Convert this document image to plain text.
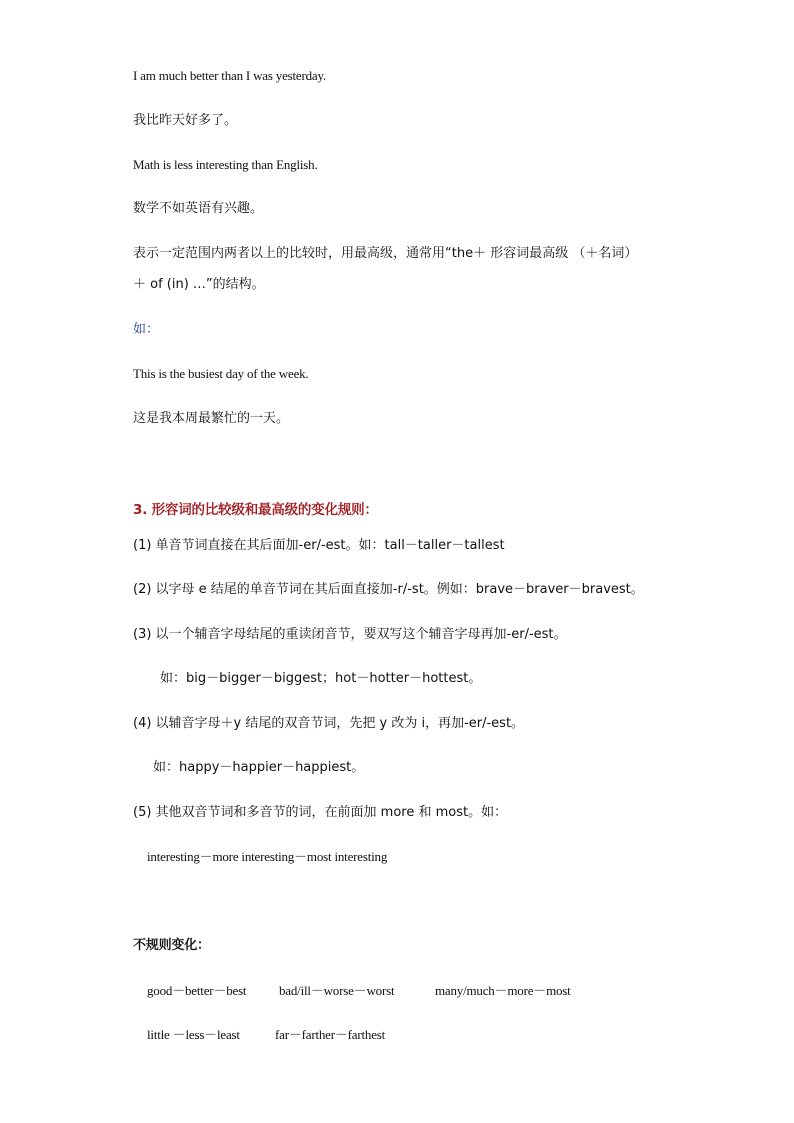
I am much better than I was yesterday.
我比昨天好多了。
Math is less interesting than English.
数学不如英语有兴趣。
表示一定范围内两者以上的比较时，用最高级，通常用“the＋ 形容词最高级 （＋名词）
＋ of (in) …”的结构。
如：
This is the busiest day of the week.
这是我本周最繁忙的一天。
3. 形容词的比较级和最高级的变化规则：
(1) 单音节词直接在其后面加-er/-est。如：tall－taller－tallest
(2) 以字母 e 结尾的单音节词在其后面直接加-r/-st。例如：brave－braver－bravest。
(3) 以一个辅音字母结尾的重读闭音节，要双写这个辅音字母再加-er/-est。
如：big－bigger－biggest；hot－hotter－hottest。
(4) 以辅音字母＋y 结尾的双音节词，先把 y 改为 i，再加-er/-est。
如：happy－happier－happiest。
(5) 其他双音节词和多音节的词，在前面加 more 和 most。如：
interesting－more interesting－most interesting
不规则变化：
good－better－best	bad/ill－worse－worst	many/much－more－most
little －less－least	far－farther－farthest
